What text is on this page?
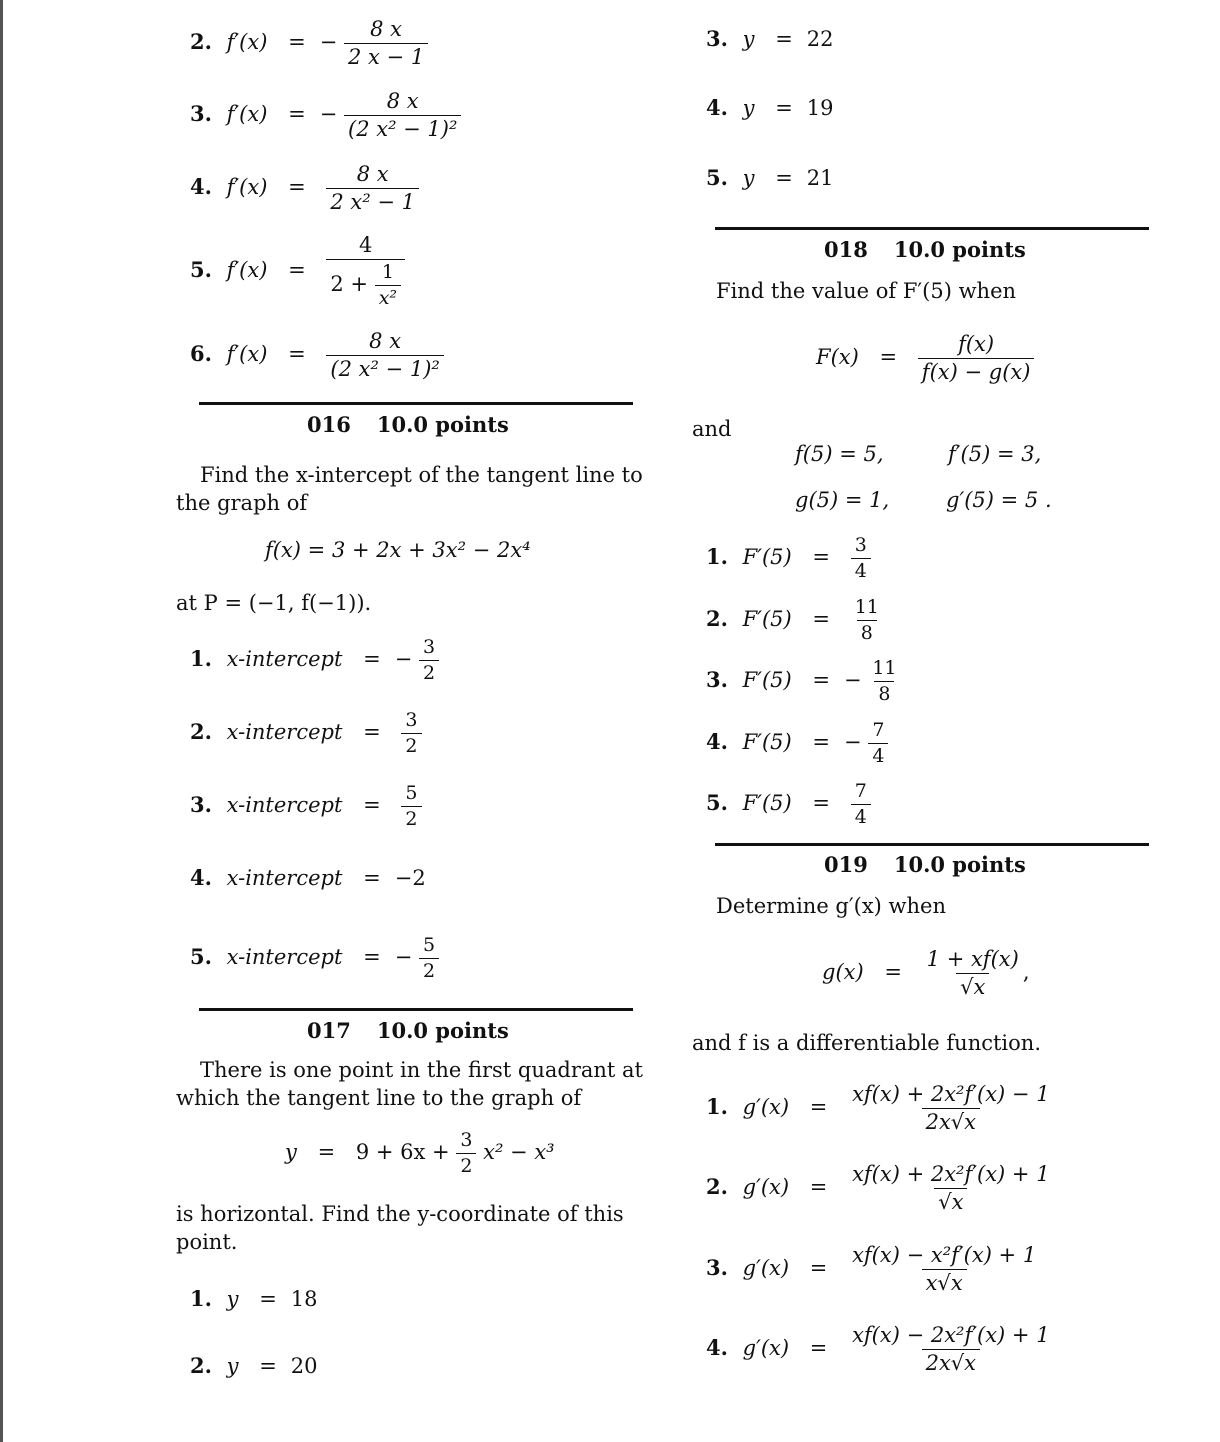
2. f′(x) = − $\frac{8 x}{2 x - 1}$
3. f′(x) = − $\frac{8 x}{\text{(2 x² − 1)²}}$
4. $f'(x) = \frac{8 x}{\text{2 x² − 1}}$
5. $f'(x) = \frac{4}{2 + \frac{1}{\text{x²}}}$
6. $f'(x) = \frac{8 x}{\text{(2 x² − 1)²}}$
016 10.0 points
Find the x-intercept of the tangent line to
the graph of
f(x) = 3 + 2x + 3x² − 2x⁴
at P = (−1, f(−1)).
1. x-intercept = − $\frac{3}{2}$
2. x-intercept = $\frac{3}{2}$
3. x-intercept = $\frac{5}{2}$
4. x-intercept = −2
5. x-intercept = − $\frac{5}{2}$
017 10.0 points
There is one point in the first quadrant at
which the tangent line to the graph of
$y = 9 + 6x + \frac{3}{2} x^2 - x^3$
is horizontal. Find the y-coordinate of this
point.
1. y = 18
2. y = 20
3. y = 22
4. y = 19
5. y = 21
018 10.0 points
Find the value of F′(5) when
$F(x) = \frac{f(x)}{f(x) - g(x)}$
and
f(5) = 5,	f′(5) = 3,
g(5) = 1,	g′(5) = 5 .
1. $F'(5) = \frac{3}{4}$
2. $F'(5) = \frac{11}{8}$
3. F′(5) = − $\frac{11}{8}$
4. F′(5) = − $\frac{7}{4}$
5. $F'(5) = \frac{7}{4}$
019 10.0 points
Determine g′(x) when
$g(x) = \frac{1 + xf(x)}{√x}$ ,
and f is a differentiable function.
1. $g'(x) = \frac{\text{xf(x) + 2x²f′(x) − 1}}{2x√x}$
2. $g'(x) = \frac{\text{xf(x) + 2x²f′(x) + 1}}{√x}$
3. $g'(x) = \frac{\text{xf(x) − x²f′(x) + 1}}{x√x}$
4. $g'(x) = \frac{\text{xf(x) − 2x²f′(x) + 1}}{2x√x}$
